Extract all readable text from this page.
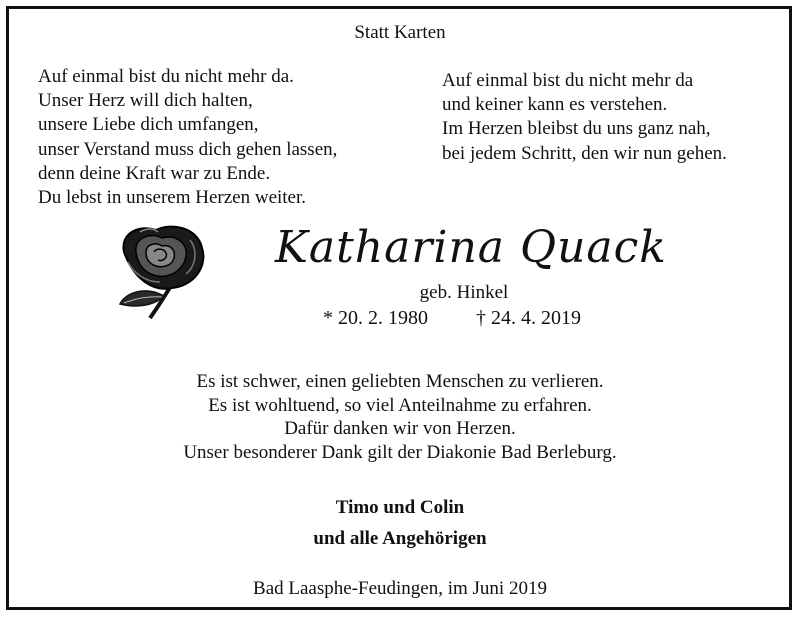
Statt Karten
Auf einmal bist du nicht mehr da.
Unser Herz will dich halten,
unsere Liebe dich umfangen,
unser Verstand muss dich gehen lassen,
denn deine Kraft war zu Ende.
Du lebst in unserem Herzen weiter.
Auf einmal bist du nicht mehr da
und keiner kann es verstehen.
Im Herzen bleibst du uns ganz nah,
bei jedem Schritt, den wir nun gehen.
Katharina Quack
geb. Hinkel
* 20. 2. 1980 † 24. 4. 2019
Es ist schwer, einen geliebten Menschen zu verlieren.
Es ist wohltuend, so viel Anteilnahme zu erfahren.
Dafür danken wir von Herzen.
Unser besonderer Dank gilt der Diakonie Bad Berleburg.
Timo und Colin
und alle Angehörigen
Bad Laasphe-Feudingen, im Juni 2019
